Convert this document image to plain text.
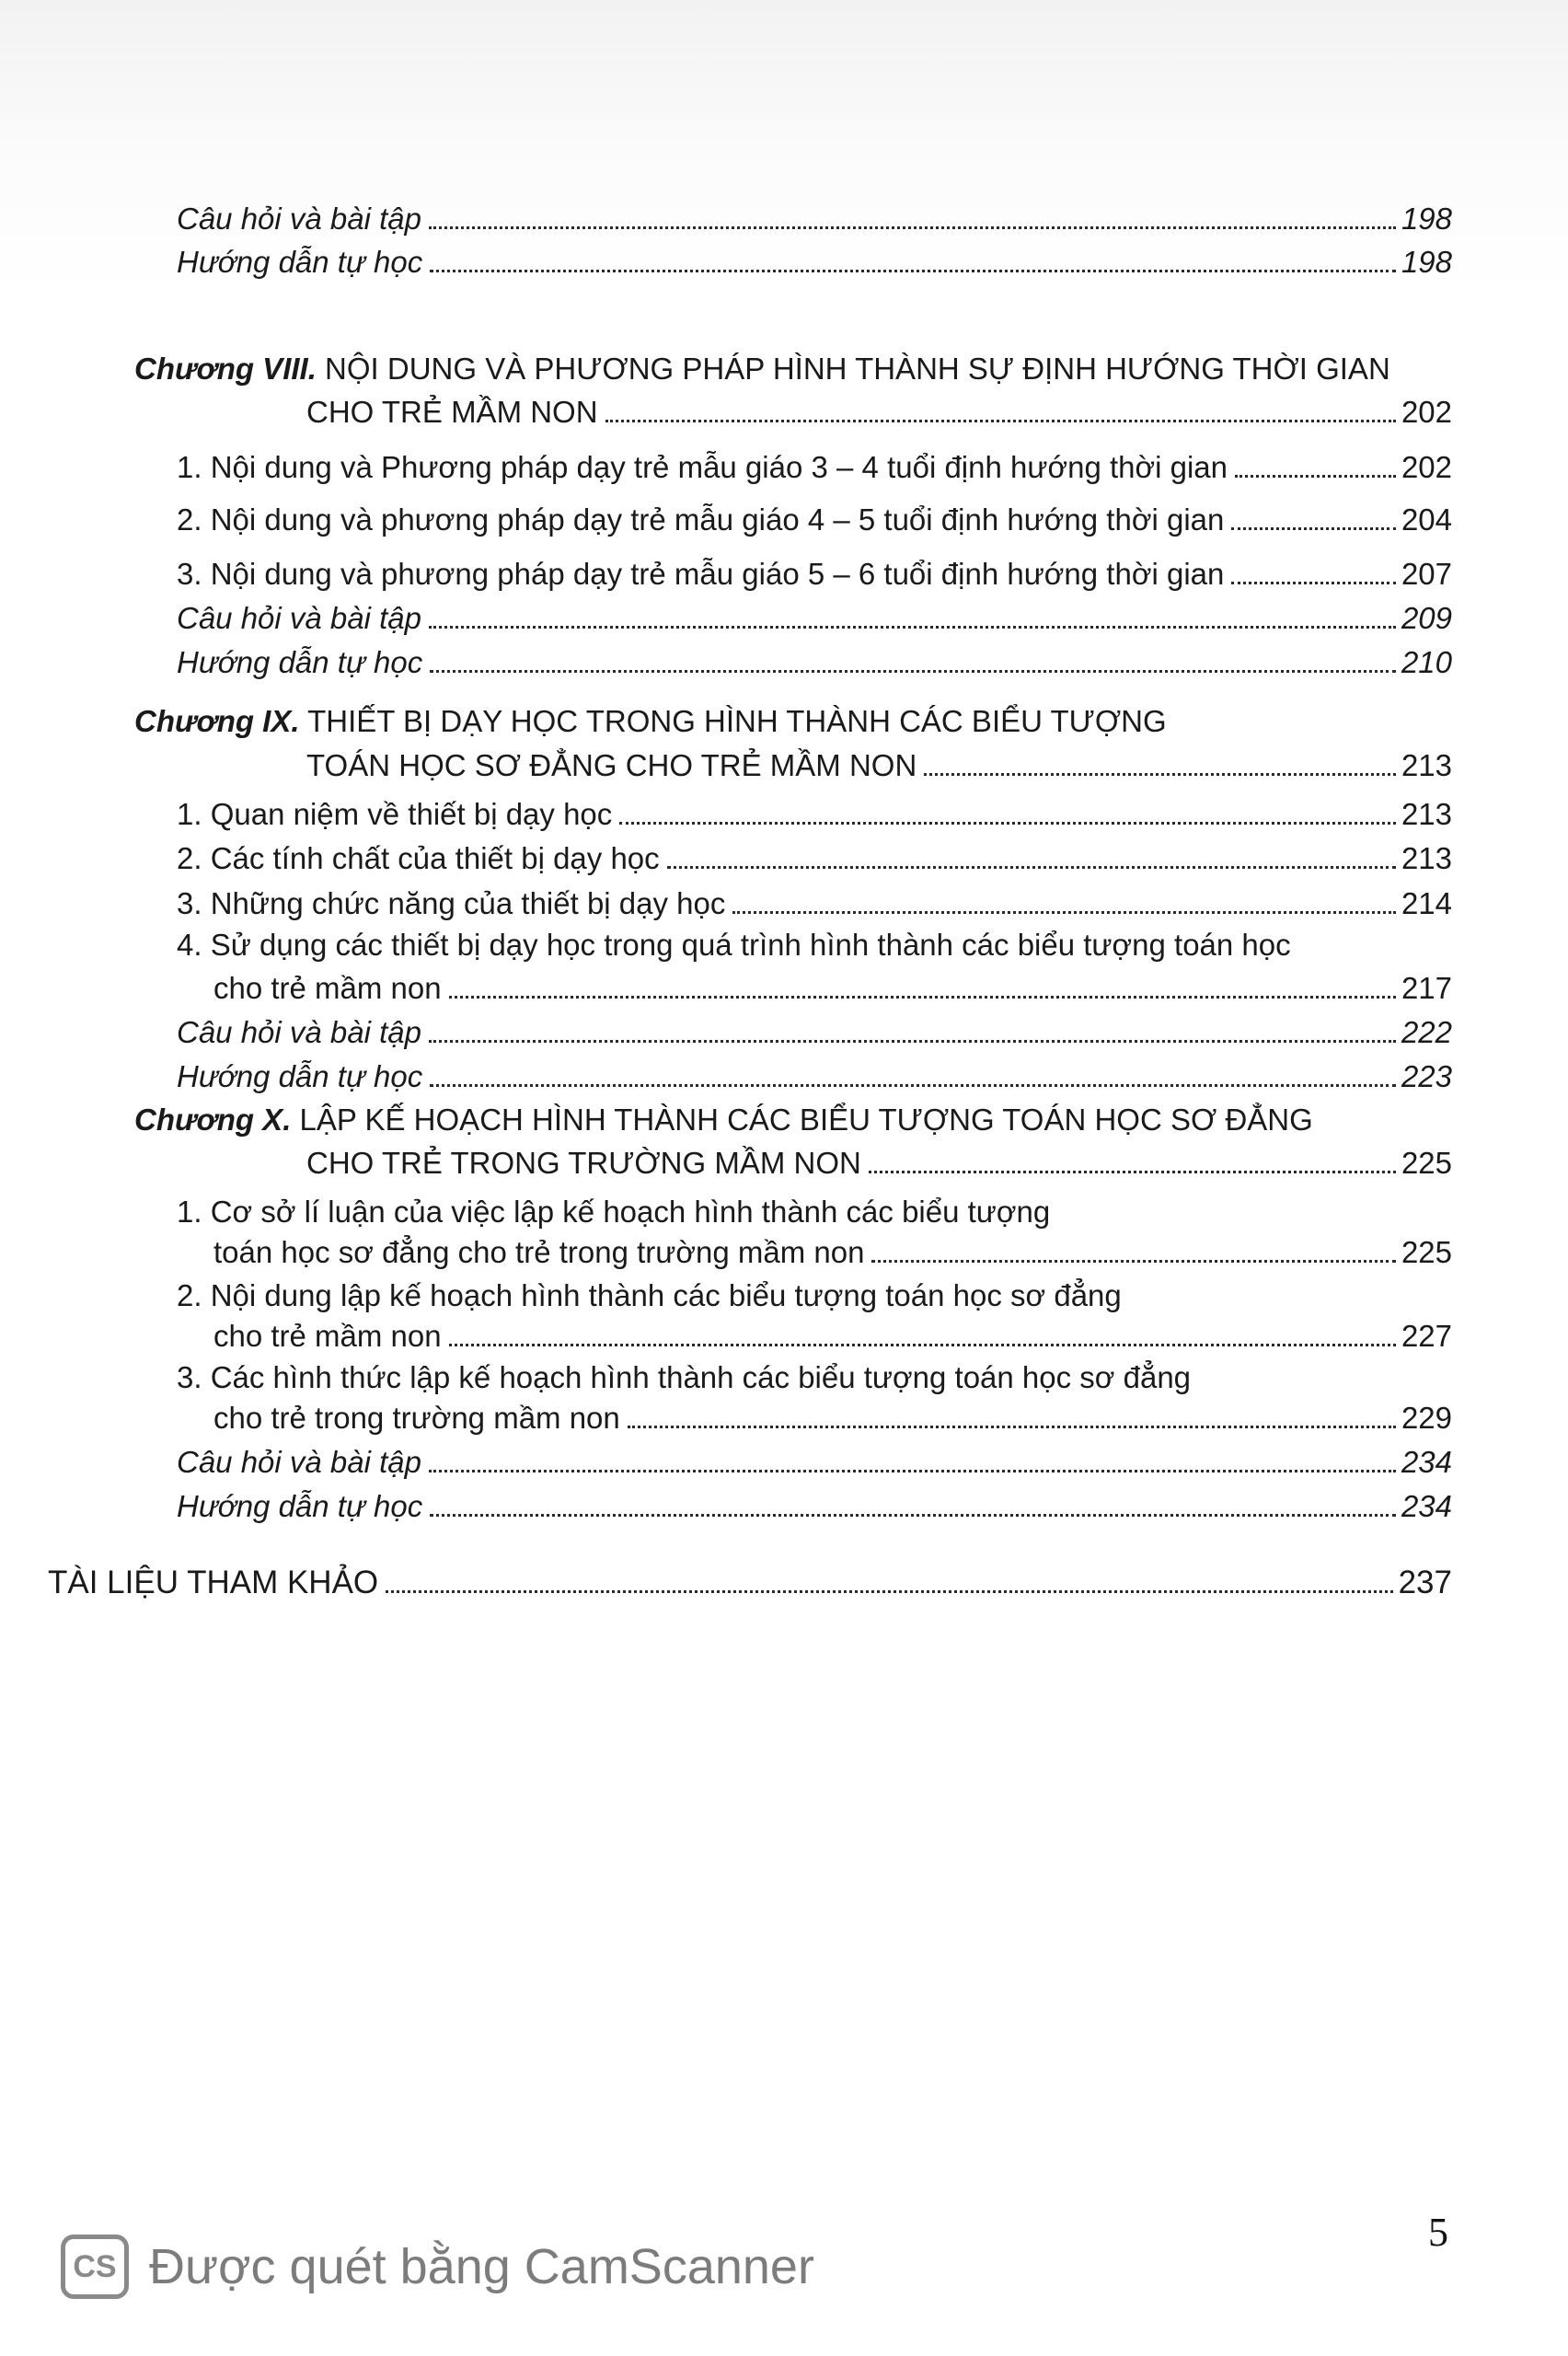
Câu hỏi và bài tập	198
Hướng dẫn tự học	198
Chương VIII. NỘI DUNG VÀ PHƯƠNG PHÁP HÌNH THÀNH SỰ ĐỊNH HƯỚNG THỜI GIAN
CHO TRẺ MẦM NON	202
1. Nội dung và Phương pháp dạy trẻ mẫu giáo 3 – 4 tuổi định hướng thời gian	202
2. Nội dung và phương pháp dạy trẻ mẫu giáo 4 – 5 tuổi định hướng thời gian	204
3. Nội dung và phương pháp dạy trẻ mẫu giáo 5 – 6 tuổi định hướng thời gian	207
Câu hỏi và bài tập	209
Hướng dẫn tự học	210
Chương IX. THIẾT BỊ DẠY HỌC TRONG HÌNH THÀNH CÁC BIỂU TƯỢNG
TOÁN HỌC SƠ ĐẲNG CHO TRẺ MẦM NON	213
1. Quan niệm về thiết bị dạy học	213
2. Các tính chất của thiết bị dạy học	213
3. Những chức năng của thiết bị dạy học	214
4. Sử dụng các thiết bị dạy học trong quá trình hình thành các biểu tượng toán học
cho trẻ mầm non	217
Câu hỏi và bài tập	222
Hướng dẫn tự học	223
Chương X. LẬP KẾ HOẠCH HÌNH THÀNH CÁC BIỂU TƯỢNG TOÁN HỌC SƠ ĐẲNG
CHO TRẺ TRONG TRƯỜNG MẦM NON	225
1. Cơ sở lí luận của việc lập kế hoạch hình thành các biểu tượng
toán học sơ đẳng cho trẻ trong trường mầm non	225
2. Nội dung lập kế hoạch hình thành các biểu tượng toán học sơ đẳng
cho trẻ mầm non	227
3. Các hình thức lập kế hoạch hình thành các biểu tượng toán học sơ đẳng
cho trẻ trong trường mầm non	229
Câu hỏi và bài tập	234
Hướng dẫn tự học	234
TÀI LIỆU THAM KHẢO	237
5
CS Được quét bằng CamScanner
